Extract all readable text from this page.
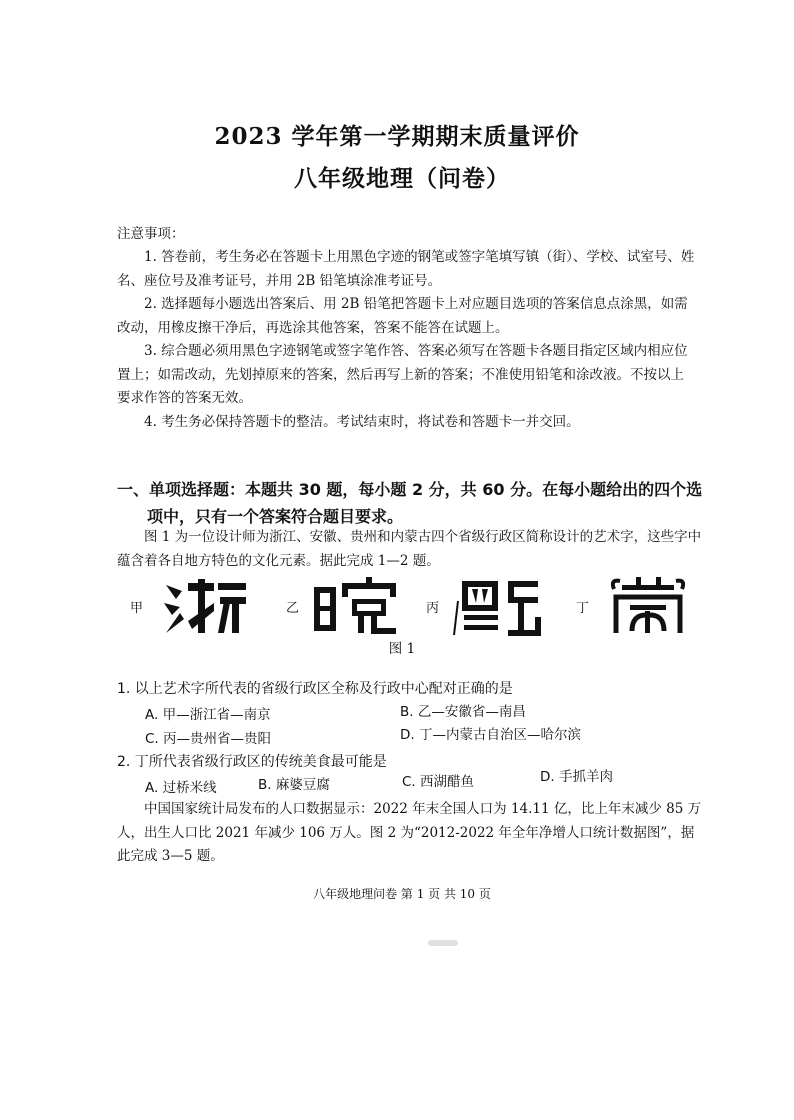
2023 学年第一学期期末质量评价
八年级地理（问卷）
注意事项：
1. 答卷前，考生务必在答题卡上用黑色字迹的钢笔或签字笔填写镇（街）、学校、试室号、姓名、座位号及准考证号，并用 2B 铅笔填涂准考证号。
2. 选择题每小题选出答案后、用 2B 铅笔把答题卡上对应题目选项的答案信息点涂黑，如需改动，用橡皮擦干净后，再选涂其他答案，答案不能答在试题上。
3. 综合题必须用黑色字迹钢笔或签字笔作答、答案必须写在答题卡各题目指定区域内相应位置上；如需改动，先划掉原来的答案，然后再写上新的答案；不准使用铅笔和涂改液。不按以上要求作答的答案无效。
4. 考生务必保持答题卡的整洁。考试结束时，将试卷和答题卡一并交回。
一、单项选择题：本题共 30 题，每小题 2 分，共 60 分。在每小题给出的四个选
项中，只有一个答案符合题目要求。
图 1 为一位设计师为浙江、安徽、贵州和内蒙古四个省级行政区简称设计的艺术字，这些字中蕴含着各自地方特色的文化元素。据此完成 1—2 题。
甲	乙	丙	丁
图 1
1. 以上艺术字所代表的省级行政区全称及行政中心配对正确的是
A. 甲—浙江省—南京	B. 乙—安徽省—南昌
C. 丙—贵州省—贵阳	D. 丁—内蒙古自治区—哈尔滨
2. 丁所代表省级行政区的传统美食最可能是
A. 过桥米线	B. 麻婆豆腐	C. 西湖醋鱼	D. 手抓羊肉
中国国家统计局发布的人口数据显示：2022 年末全国人口为 14.11 亿，比上年末减少 85 万人，出生人口比 2021 年减少 106 万人。图 2 为“2012-2022 年全年净增人口统计数据图”，据此完成 3—5 题。
八年级地理问卷 第 1 页 共 10 页
